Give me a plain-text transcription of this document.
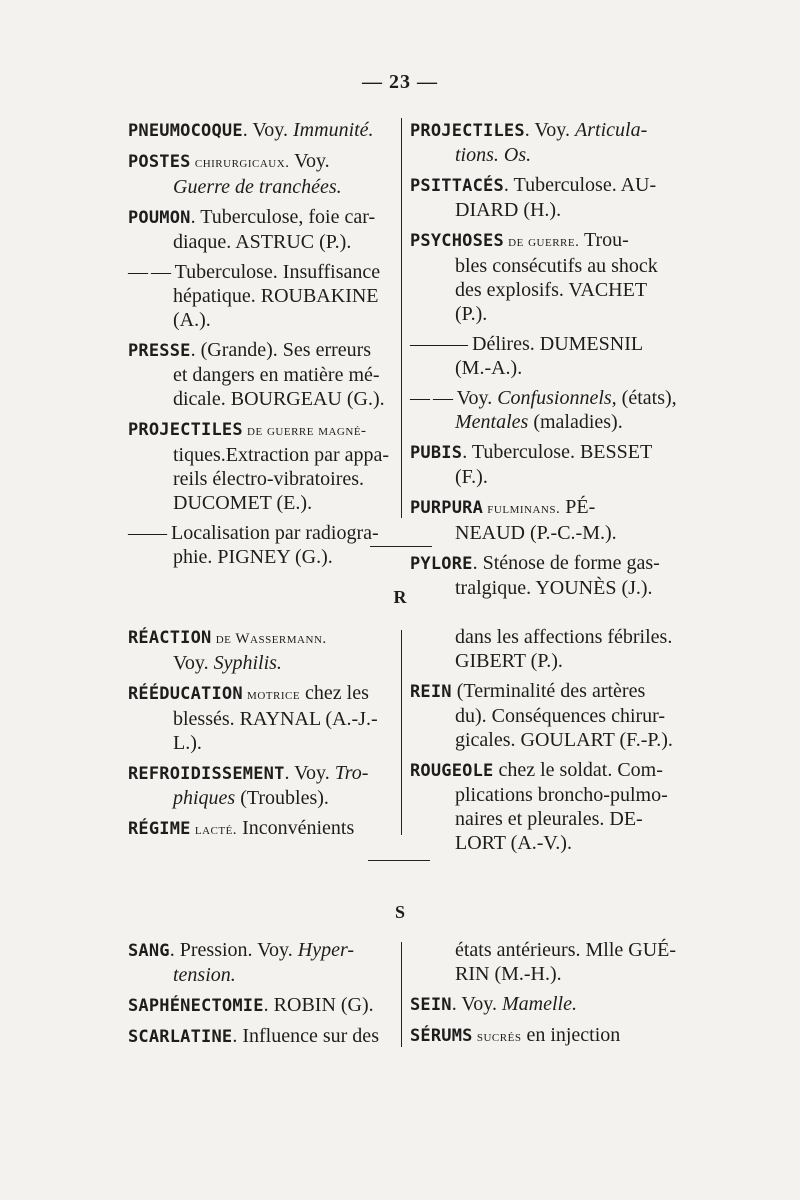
— 23 —
PNEUMOCOQUE. Voy. Immunité.
POSTES chirurgicaux. Voy.
Guerre de tranchées.
POUMON. Tuberculose, foie car-
diaque. ASTRUC (P.).
— — Tuberculose. Insuffisance
hépatique. ROUBAKINE
(A.).
PRESSE. (Grande). Ses erreurs
et dangers en matière mé-
dicale. BOURGEAU (G.).
PROJECTILES de guerre magné-
tiques.Extraction par appa-
reils électro-vibratoires.
DUCOMET (E.).
—— Localisation par radiogra-
phie. PIGNEY (G.).
PROJECTILES. Voy. Articula-
tions. Os.
PSITTACÉS. Tuberculose. AU-
DIARD (H.).
PSYCHOSES de guerre. Trou-
bles consécutifs au shock
des explosifs. VACHET
(P.).
——— Délires. DUMESNIL
(M.-A.).
— — Voy. Confusionnels, (états),
Mentales (maladies).
PUBIS. Tuberculose. BESSET
(F.).
PURPURA fulminans. PÉ-
NEAUD (P.-C.-M.).
PYLORE. Sténose de forme gas-
tralgique. YOUNÈS (J.).
R
RÉACTION de Wassermann.
Voy. Syphilis.
RÉÉDUCATION motrice chez les
blessés. RAYNAL (A.-J.-
L.).
REFROIDISSEMENT. Voy. Tro-
phiques (Troubles).
RÉGIME lacté. Inconvénients
dans les affections fébriles.
GIBERT (P.).
REIN (Terminalité des artères
du). Conséquences chirur-
gicales. GOULART (F.-P.).
ROUGEOLE chez le soldat. Com-
plications broncho-pulmo-
naires et pleurales. DE-
LORT (A.-V.).
S
SANG. Pression. Voy. Hyper-
tension.
SAPHÉNECTOMIE. ROBIN (G).
SCARLATINE. Influence sur des
états antérieurs. Mlle GUÉ-
RIN (M.-H.).
SEIN. Voy. Mamelle.
SÉRUMS sucrés en injection
